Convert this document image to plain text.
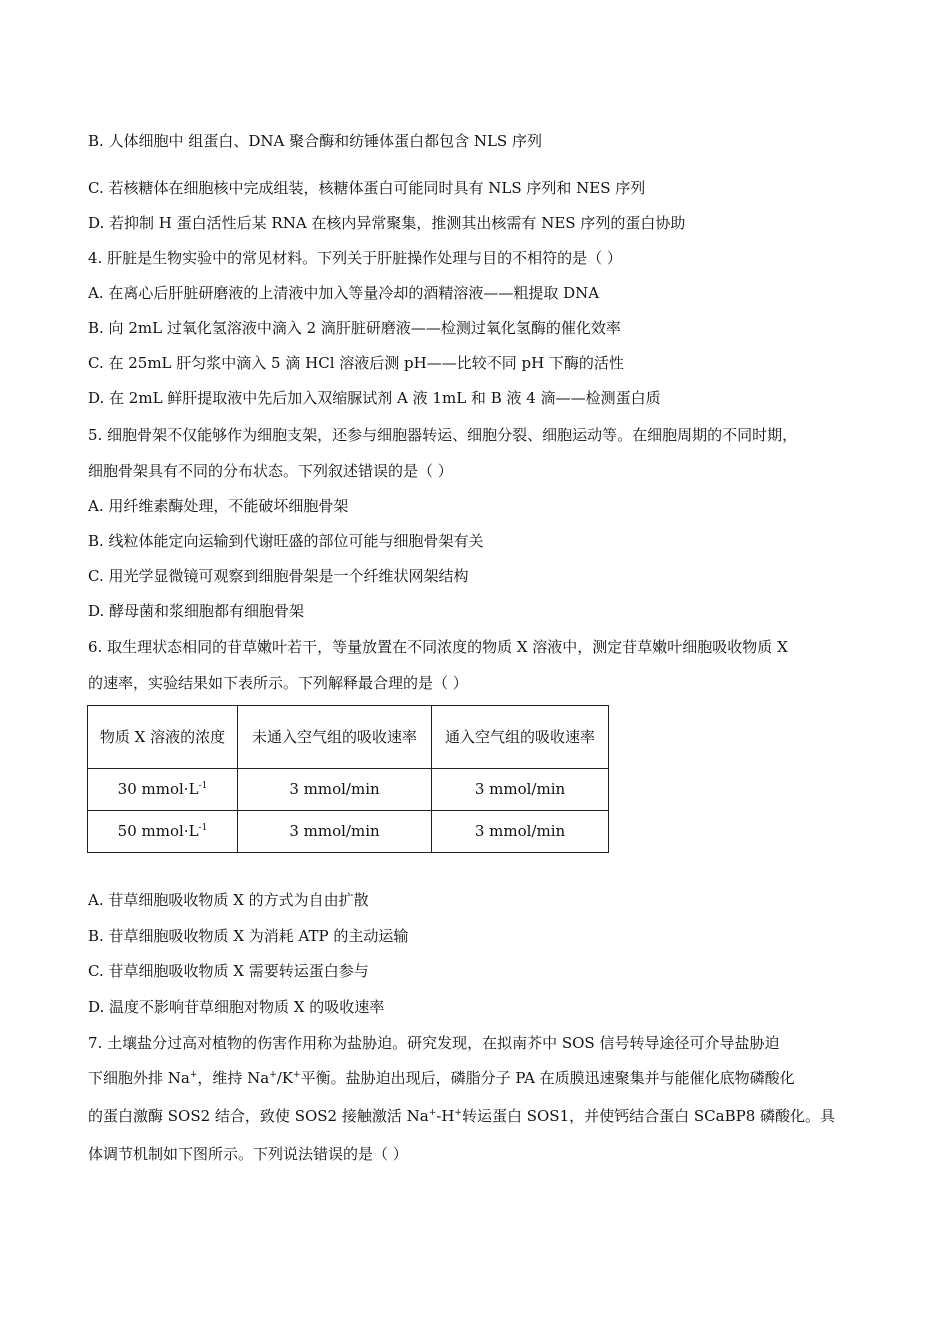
B. 人体细胞中 组蛋白、DNA 聚合酶和纺锤体蛋白都包含 NLS 序列
C. 若核糖体在细胞核中完成组装，核糖体蛋白可能同时具有 NLS 序列和 NES 序列
D. 若抑制 H 蛋白活性后某 RNA 在核内异常聚集，推测其出核需有 NES 序列的蛋白协助
4. 肝脏是生物实验中的常见材料。下列关于肝脏操作处理与目的不相符的是（ ）
A. 在离心后肝脏研磨液的上清液中加入等量冷却的酒精溶液——粗提取 DNA
B. 向 2mL 过氧化氢溶液中滴入 2 滴肝脏研磨液——检测过氧化氢酶的催化效率
C. 在 25mL 肝匀浆中滴入 5 滴 HCl 溶液后测 pH——比较不同 pH 下酶的活性
D. 在 2mL 鲜肝提取液中先后加入双缩脲试剂 A 液 1mL 和 B 液 4 滴——检测蛋白质
5. 细胞骨架不仅能够作为细胞支架，还参与细胞器转运、细胞分裂、细胞运动等。在细胞周期的不同时期，
细胞骨架具有不同的分布状态。下列叙述错误的是（ ）
A. 用纤维素酶处理，不能破坏细胞骨架
B. 线粒体能定向运输到代谢旺盛的部位可能与细胞骨架有关
C. 用光学显微镜可观察到细胞骨架是一个纤维状网架结构
D. 酵母菌和浆细胞都有细胞骨架
6. 取生理状态相同的苷草嫩叶若干，等量放置在不同浓度的物质 X 溶液中，测定苷草嫩叶细胞吸收物质 X
的速率，实验结果如下表所示。下列解释最合理的是（ ）
物质 X 溶液的浓度	未通入空气组的吸收速率	通入空气组的吸收速率
30 $mmol\cdot L^{-1}$	3 mmol/min	3 mmol/min
50 $mmol\cdot L^{-1}$	3 mmol/min	3 mmol/min
A. 苷草细胞吸收物质 X 的方式为自由扩散
B. 苷草细胞吸收物质 X 为消耗 ATP 的主动运输
C. 苷草细胞吸收物质 X 需要转运蛋白参与
D. 温度不影响苷草细胞对物质 X 的吸收速率
7. 土壤盐分过高对植物的伤害作用称为盐胁迫。研究发现，在拟南芥中 SOS 信号转导途径可介导盐胁迫
下细胞外排 Na+，维持 Na+/K+平衡。盐胁迫出现后，磷脂分子 PA 在质膜迅速聚集并与能催化底物磷酸化
的蛋白激酶 SOS2 结合，致使 SOS2 接触激活 Na+-H+转运蛋白 SOS1，并使钙结合蛋白 SCaBP8 磷酸化。具
体调节机制如下图所示。下列说法错误的是（ ）
